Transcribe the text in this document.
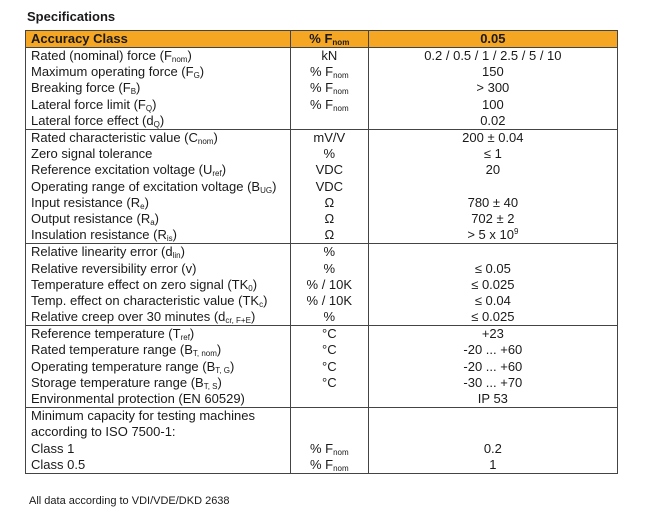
Specifications
Accuracy Class	% $F_{nom}$	0.05
Rated (nominal) force $(F_{nom})$	kN	0.2 / 0.5 / 1 / 2.5 / 5 / 10
Maximum operating force $(F_G)$	% $F_{nom}$	150
Breaking force $(F_B)$	% $F_{nom}$	> 300
Lateral force limit $(F_Q)$	% $F_{nom}$	100
Lateral force effect $(d_Q)$		0.02
Rated characteristic value $(C_{nom})$	mV/V	200 ± 0.04
Zero signal tolerance	%	≤ 1
Reference excitation voltage $(U_{ref})$	VDC	20
Operating range of excitation voltage $(B_{UG})$	VDC	
Input resistance $(R_e)$	Ω	780 ± 40
Output resistance $(R_a)$	Ω	702 ± 2
Insulation resistance $(R_{is})$	Ω	> 5 x $10^9$
Relative linearity error $(d_{lin})$	%	
Relative reversibility error (v)	%	≤ 0.05
Temperature effect on zero signal $(TK_0)$	% / 10K	≤ 0.025
Temp. effect on characteristic value $(TK_c)$	% / 10K	≤ 0.04
Relative creep over 30 minutes $(d_{cr, F+E})$	%	≤ 0.025
Reference temperature $(T_{ref})$	°C	+23
Rated temperature range $(B_{T, nom})$	°C	-20 ... +60
Operating temperature range $(B_{T, G})$	°C	-20 ... +60
Storage temperature range $(B_{T, S})$	°C	-30 ... +70
Environmental protection (EN 60529)		IP 53
Minimum capacity for testing machines		
according to ISO 7500-1:		
Class 1	% $F_{nom}$	0.2
Class 0.5	% $F_{nom}$	1
All data according to VDI/VDE/DKD 2638
